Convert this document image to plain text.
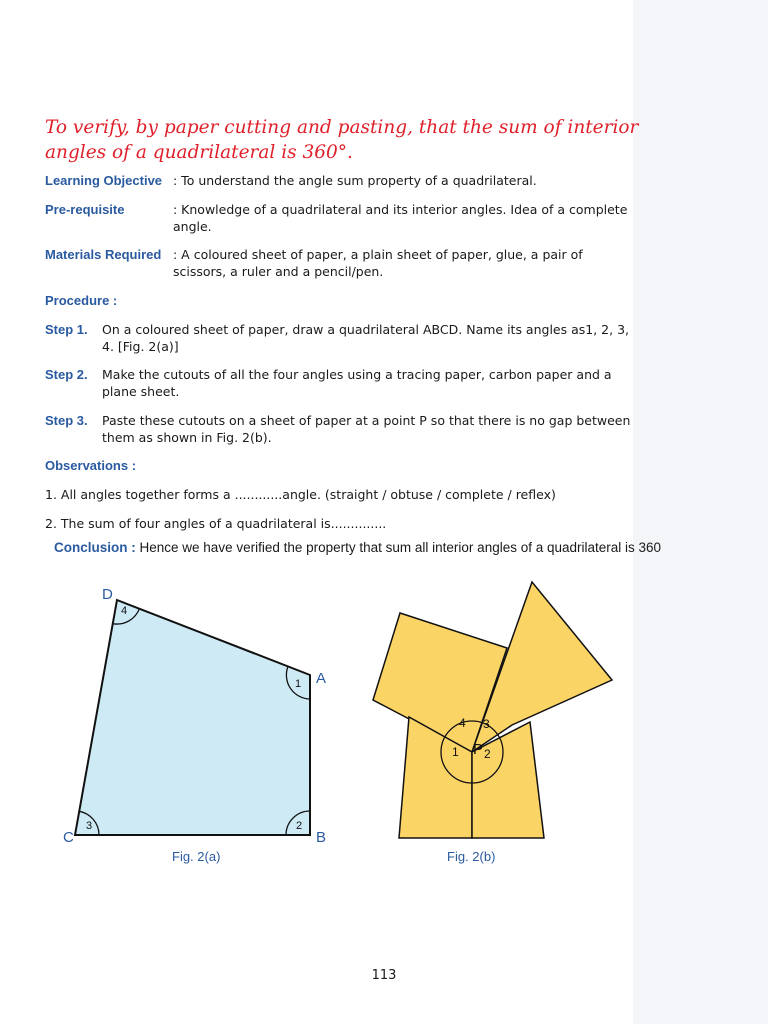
To verify, by paper cutting and pasting, that the sum of interior angles of a quadrilateral is 360°.
Learning Objective : To understand the angle sum property of a quadrilateral.
Pre-requisite	: Knowledge of a quadrilateral and its interior angles. Idea of a complete angle.
Materials Required : A coloured sheet of paper, a plain sheet of paper, glue, a pair of scissors, a ruler and a pencil/pen.
Procedure :
Step 1. On a coloured sheet of paper, draw a quadrilateral ABCD. Name its angles as1, 2, 3, 4. [Fig. 2(a)]
Step 2. Make the cutouts of all the four angles using a tracing paper, carbon paper and a plane sheet.
Step 3. Paste these cutouts on a sheet of paper at a point P so that there is no gap between them as shown in Fig. 2(b).
Observations :
1. All angles together forms a ............angle. (straight / obtuse / complete / reflex)
2. The sum of four angles of a quadrilateral is..............
Conclusion : Hence we have verified the property that sum all interior angles of a quadrilateral is 360
4
1
2
3
D
A
B
C
4 3
1 2
P
Fig. 2(a)	Fig. 2(b)
113
